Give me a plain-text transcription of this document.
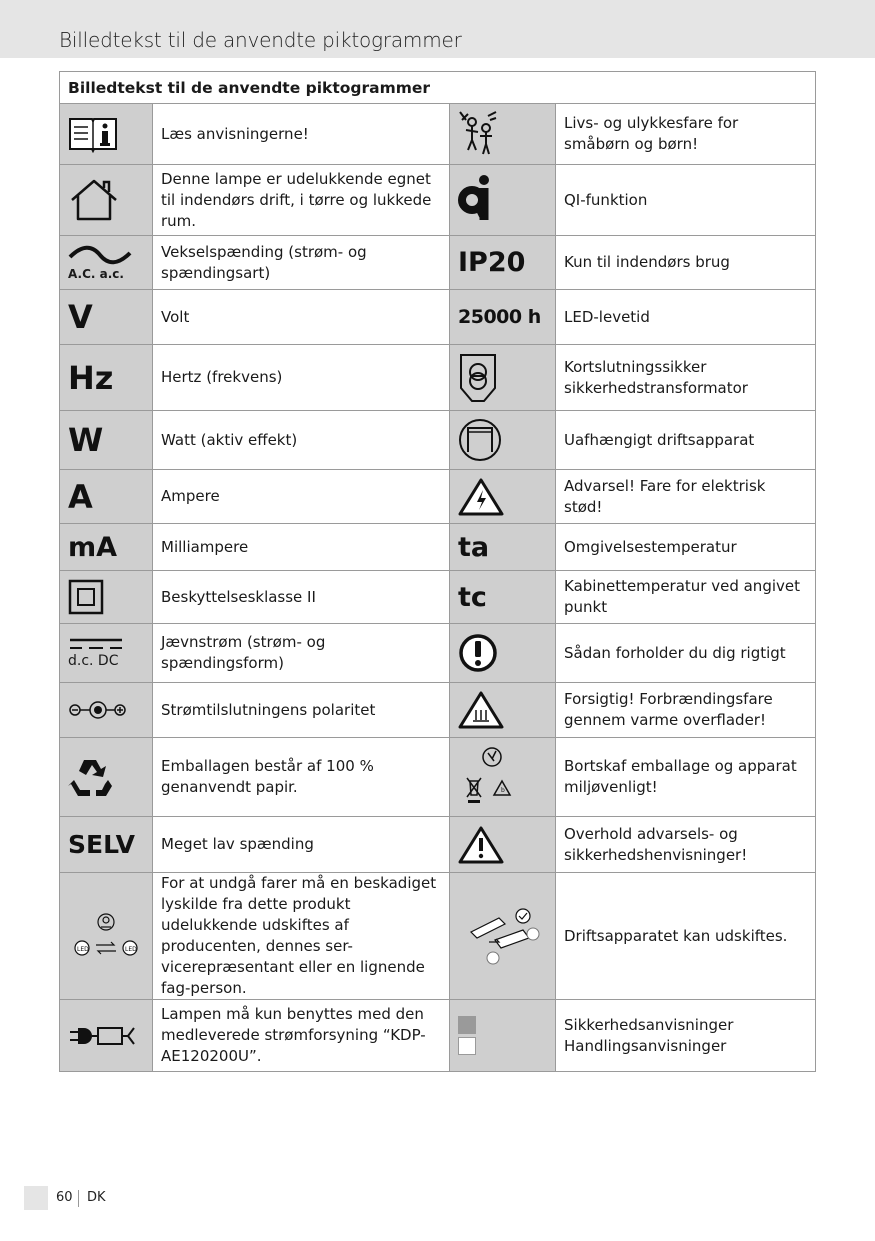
Billedtekst til de anvendte piktogrammer
Billedtekst til de anvendte piktogrammer			
	Læs anvisningerne!		Livs- og ulykkesfare for småbørn og børn!
	Denne lampe er udelukkende egnet til indendørs drift, i tørre og lukkede rum.		QI-funktion

A.C. a.c.	Vekselspænding (strøm- og spændingsart)	IP20	Kun til indendørs brug
V	Volt	25000 h	LED-levetid
Hz	Hertz (frekvens)		Kortslutningssikker sikkerhedstransformator
W	Watt (aktiv effekt)		Uafhængigt driftsapparat
A	Ampere		Advarsel! Fare for elektrisk stød!
mA	Milliampere	ta	Omgivelsestemperatur
	Beskyttelsesklasse II	tc	Kabinettemperatur ved angivet punkt

d.c. DC	Jævnstrøm (strøm- og spændingsform)		Sådan forholder du dig rigtigt
	Strømtilslutningens polaritet		Forsigtig! Forbrændingsfare gennem varme overflader!
	Emballagen består af 100 % genanvendt papir.	b	Bortskaf emballage og apparat miljøvenligt!
SELV	Meget lav spænding		Overhold advarsels- og sikkerhedshenvisninger!

LED LED	For at undgå farer må en beskadiget lyskilde fra dette produkt udelukkende udskiftes af producenten, dennes ser-vicerepræsentant eller en lignende fag-person.		Driftsapparatet kan udskiftes.
	Lampen må kun benyttes med den medleverede strømforsyning “KDP-AE120200U”.		Sikkerhedsanvisninger Handlingsanvisninger
60 DK
